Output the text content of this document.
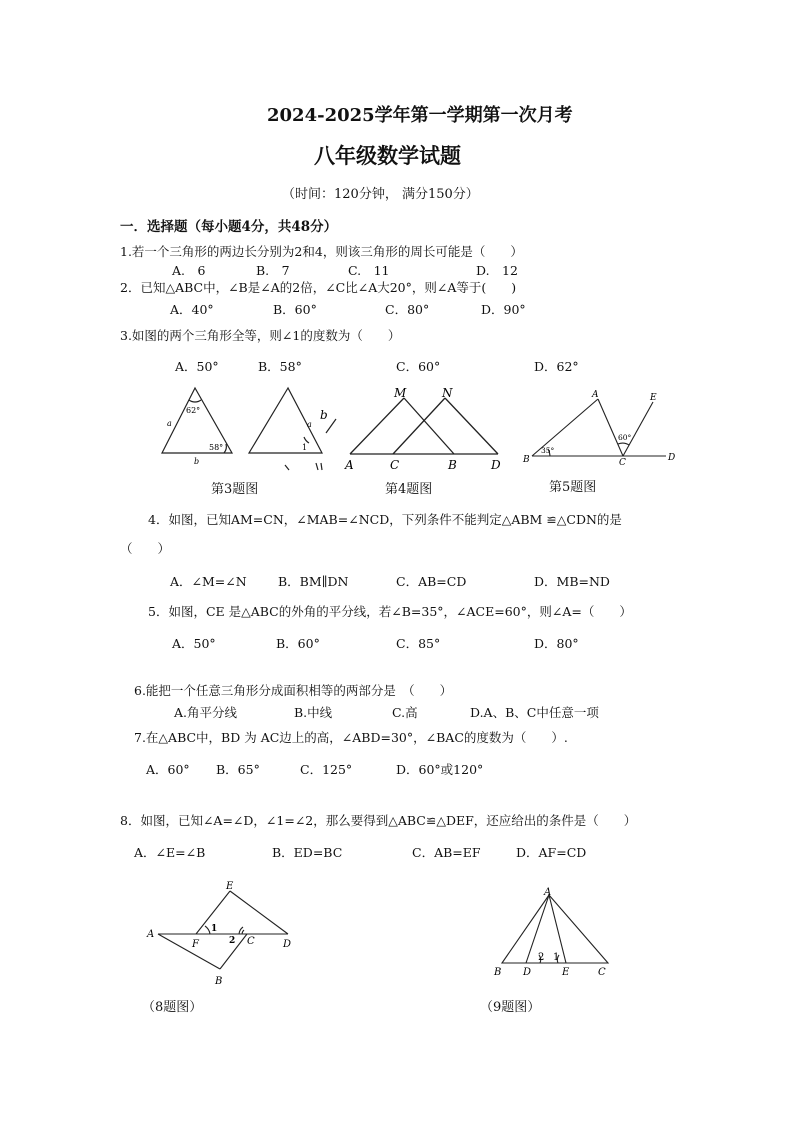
2024-2025学年第一学期第一次月考
八年级数学试题
（时间：120分钟， 满分150分）
一．选择题（每小题4分，共48分）
1.若一个三角形的两边长分别为2和4，则该三角形的周长可能是（　　）
A.　6	B.　7	C.　11	D.　12
2．已知△ABC中，∠B是∠A的2倍，∠C比∠A大20°，则∠A等于(　　)
A．40°	B．60°	C．80°	D．90°
3.如图的两个三角形全等，则∠1的度数为（　　）
A．50°	B．58°	C．60°	D．62°
62°
58°
a
b
a
b
1
第3题图
M	N
A	C	B	D
第4题图
A	E
B	C	D
35°
60°
第5题图
4．如图，已知AM=CN，∠MAB=∠NCD，下列条件不能判定△ABM ≌△CDN的是
（　　）
A．∠M=∠N	B．BM∥DN	C．AB=CD	D．MB=ND
5．如图，CE 是△ABC的外角的平分线，若∠B=35°，∠ACE=60°，则∠A=（　　）
A．50°	B．60°	C．85°	D．80°
6.能把一个任意三角形分成面积相等的两部分是　（　　）
A.角平分线	B.中线	C.高	D.A、B、C中任意一项
7.在△ABC中，BD 为 AC边上的高，∠ABD=30°，∠BAC的度数为（　　）.
A．60° B．65°	C．125°	D．60°或120°
8．如图，已知∠A=∠D，∠1=∠2，那么要得到△ABC≌△DEF，还应给出的条件是（　　）
A．∠E=∠B	B．ED=BC	C．AB=EF	D．AF=CD
E
A
F	C	D
B
1
2
（8题图）
A
B D	E	C
2 1
（9题图）
